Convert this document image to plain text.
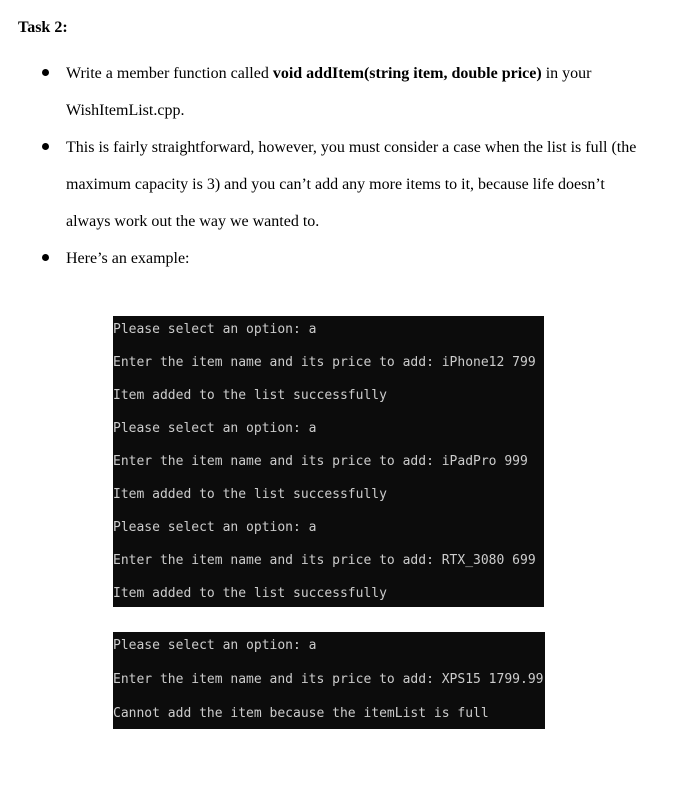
Task 2:
Write a member function called void addItem(string item, double price) in your
WishItemList.cpp.
This is fairly straightforward, however, you must consider a case when the list is full (the
maximum capacity is 3) and you can’t add any more items to it, because life doesn’t
always work out the way we wanted to.
Here’s an example:
Please select an option: a
Enter the item name and its price to add: iPhone12 799
Item added to the list successfully
Please select an option: a
Enter the item name and its price to add: iPadPro 999
Item added to the list successfully
Please select an option: a
Enter the item name and its price to add: RTX_3080 699
Item added to the list successfully
Please select an option: a
Enter the item name and its price to add: XPS15 1799.99
Cannot add the item because the itemList is full
